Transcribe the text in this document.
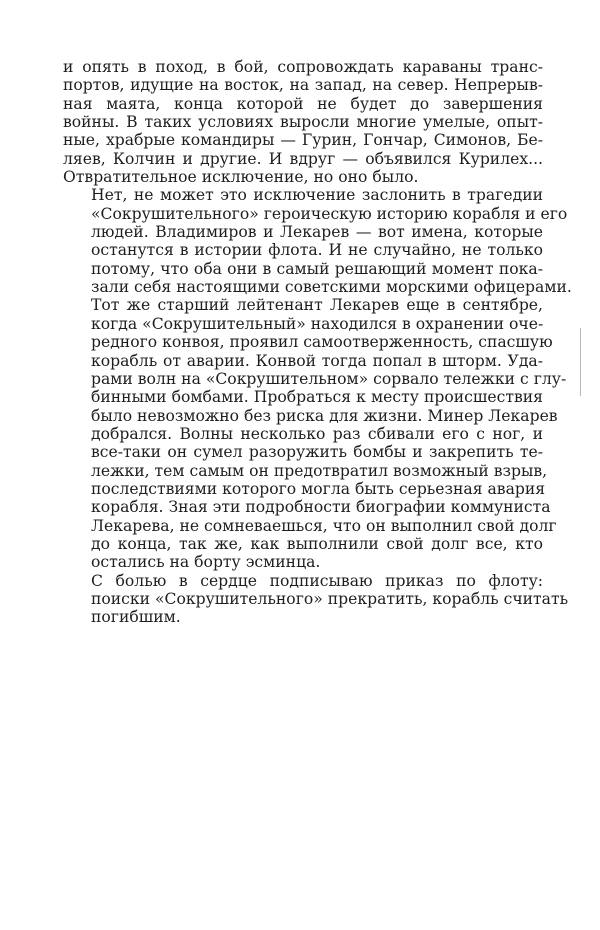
и опять в поход, в бой, сопровождать караваны транс-
портов, идущие на восток, на запад, на север. Непрерыв-
ная маята, конца которой не будет до завершения
войны. В таких условиях выросли многие умелые, опыт-
ные, храбрые командиры — Гурин, Гончар, Симонов, Бе-
ляев, Колчин и другие. И вдруг — объявился Курилех...
Отвратительное исключение, но оно было.

Нет, не может это исключение заслонить в трагедии
«Сокрушительного» героическую историю корабля и его
людей. Владимиров и Лекарев — вот имена, которые
останутся в истории флота. И не случайно, не только
потому, что оба они в самый решающий момент пока-
зали себя настоящими советскими морскими офицерами.
Тот же старший лейтенант Лекарев еще в сентябре,
когда «Сокрушительный» находился в охранении оче-
редного конвоя, проявил самоотверженность, спасшую
корабль от аварии. Конвой тогда попал в шторм. Уда-
рами волн на «Сокрушительном» сорвало тележки с глу-
бинными бомбами. Пробраться к месту происшествия
было невозможно без риска для жизни. Минер Лекарев
добрался. Волны несколько раз сбивали его с ног, и
все-таки он сумел разоружить бомбы и закрепить те-
лежки, тем самым он предотвратил возможный взрыв,
последствиями которого могла быть серьезная авария
корабля. Зная эти подробности биографии коммуниста
Лекарева, не сомневаешься, что он выполнил свой долг
до конца, так же, как выполнили свой долг все, кто
остались на борту эсминца.

С болью в сердце подписываю приказ по флоту:
поиски «Сокрушительного» прекратить, корабль считать
погибшим.
